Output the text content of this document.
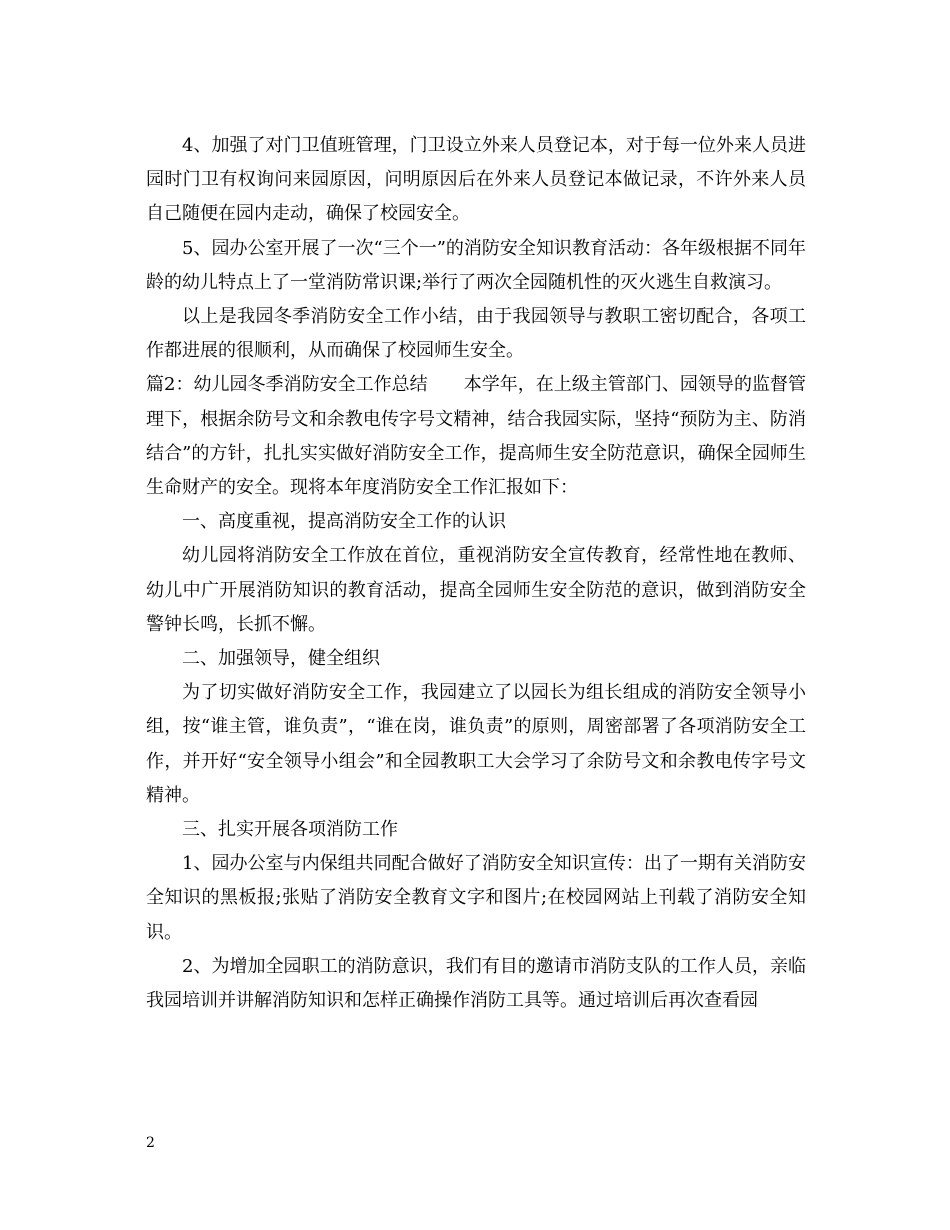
4、加强了对门卫值班管理，门卫设立外来人员登记本，对于每一位外来人员进园时门卫有权询问来园原因，问明原因后在外来人员登记本做记录，不许外来人员自己随便在园内走动，确保了校园安全。

5、园办公室开展了一次“三个一”的消防安全知识教育活动：各年级根据不同年龄的幼儿特点上了一堂消防常识课;举行了两次全园随机性的灭火逃生自救演习。

以上是我园冬季消防安全工作小结，由于我园领导与教职工密切配合，各项工作都进展的很顺利，从而确保了校园师生安全。

篇2：幼儿园冬季消防安全工作总结　　本学年，在上级主管部门、园领导的监督管理下，根据余防号文和余教电传字号文精神，结合我园实际，坚持“预防为主、防消结合”的方针，扎扎实实做好消防安全工作，提高师生安全防范意识，确保全园师生生命财产的安全。现将本年度消防安全工作汇报如下：

一、高度重视，提高消防安全工作的认识

幼儿园将消防安全工作放在首位，重视消防安全宣传教育，经常性地在教师、幼儿中广开展消防知识的教育活动，提高全园师生安全防范的意识，做到消防安全警钟长鸣，长抓不懈。

二、加强领导，健全组织

为了切实做好消防安全工作，我园建立了以园长为组长组成的消防安全领导小组，按“谁主管，谁负责”，“谁在岗，谁负责”的原则，周密部署了各项消防安全工作，并开好“安全领导小组会”和全园教职工大会学习了余防号文和余教电传字号文精神。

三、扎实开展各项消防工作

1、园办公室与内保组共同配合做好了消防安全知识宣传：出了一期有关消防安全知识的黑板报;张贴了消防安全教育文字和图片;在校园网站上刊载了消防安全知识。

2、为增加全园职工的消防意识，我们有目的邀请市消防支队的工作人员，亲临我园培训并讲解消防知识和怎样正确操作消防工具等。通过培训后再次查看园

2
